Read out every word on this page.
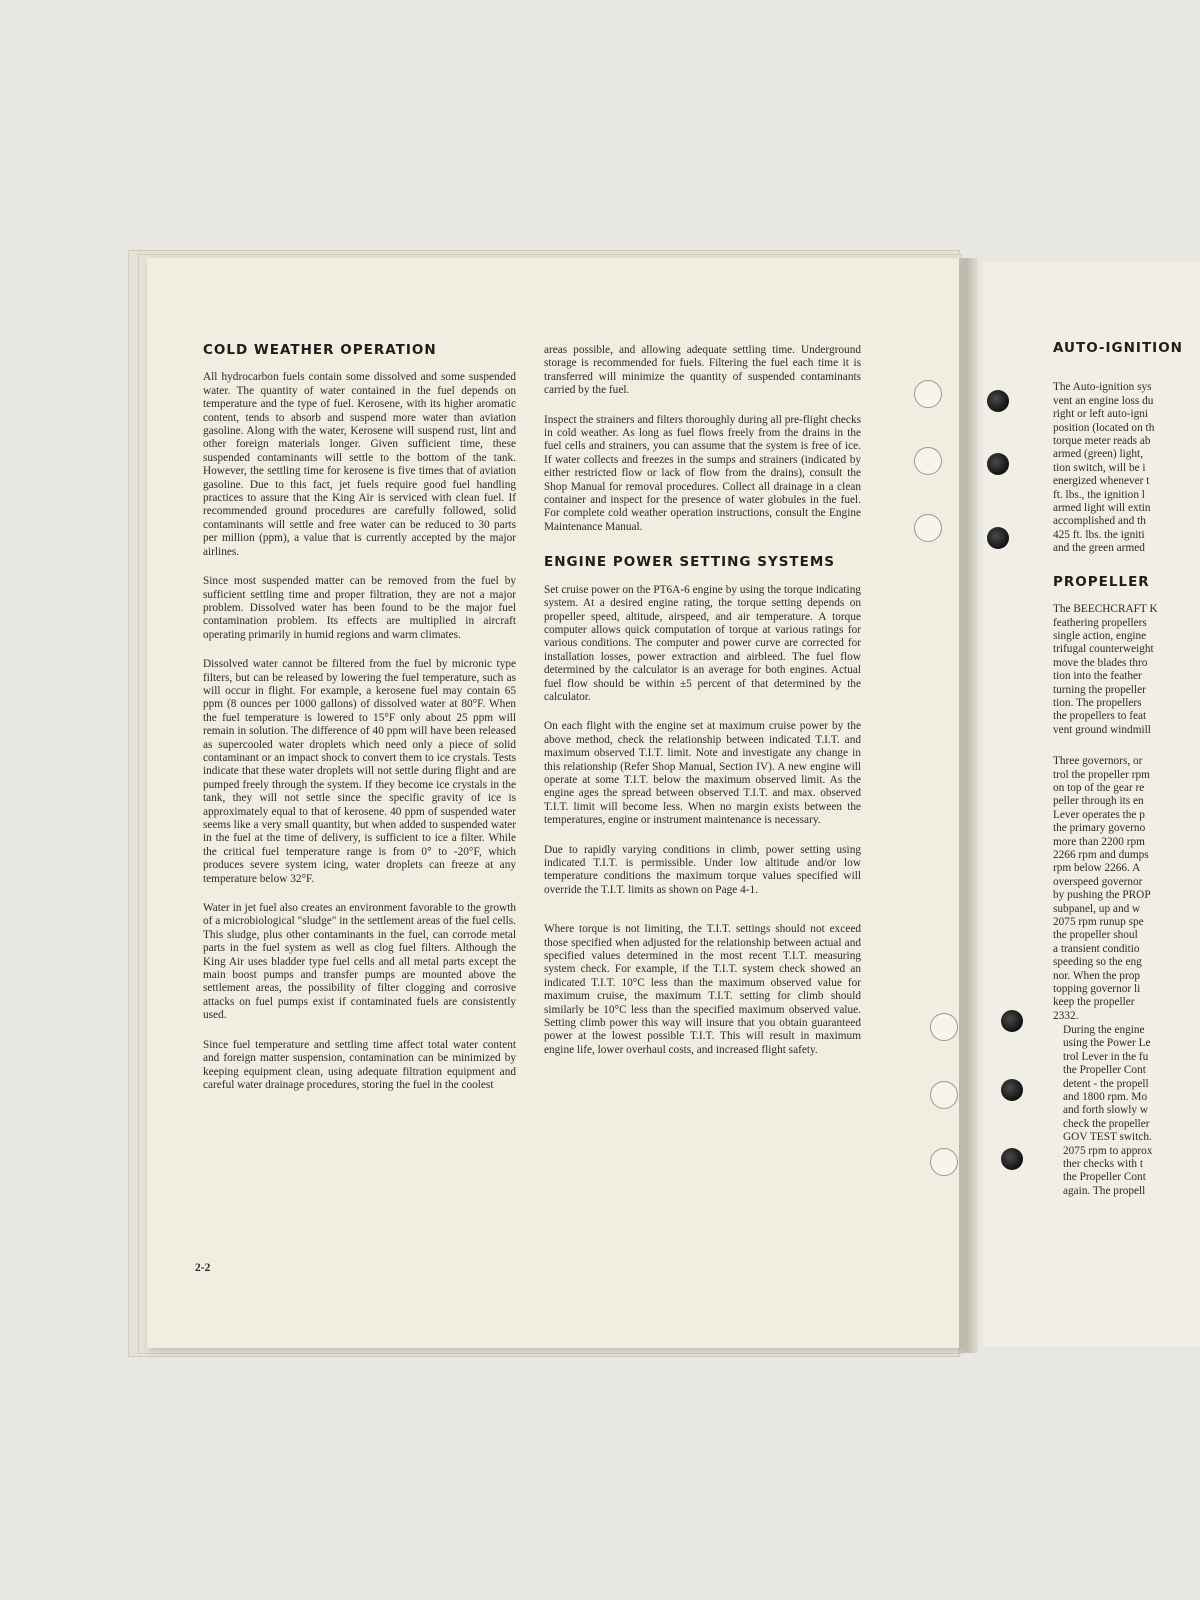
COLD WEATHER OPERATION

All hydrocarbon fuels contain some dissolved and some suspended water. The quantity of water contained in the fuel depends on temperature and the type of fuel. Kerosene, with its higher aromatic content, tends to absorb and suspend more water than aviation gasoline. Along with the water, Kerosene will suspend rust, lint and other foreign materials longer. Given sufficient time, these suspended contaminants will settle to the bottom of the tank. However, the settling time for kerosene is five times that of aviation gasoline. Due to this fact, jet fuels require good fuel handling practices to assure that the King Air is serviced with clean fuel. If recommended ground procedures are carefully followed, solid contaminants will settle and free water can be reduced to 30 parts per million (ppm), a value that is currently accepted by the major airlines.

Since most suspended matter can be removed from the fuel by sufficient settling time and proper filtration, they are not a major problem. Dissolved water has been found to be the major fuel contamination problem. Its effects are multiplied in aircraft operating primarily in humid regions and warm climates.

Dissolved water cannot be filtered from the fuel by micronic type filters, but can be released by lowering the fuel temperature, such as will occur in flight. For example, a kerosene fuel may contain 65 ppm (8 ounces per 1000 gallons) of dissolved water at 80°F. When the fuel temperature is lowered to 15°F only about 25 ppm will remain in solution. The difference of 40 ppm will have been released as supercooled water droplets which need only a piece of solid contaminant or an impact shock to convert them to ice crystals. Tests indicate that these water droplets will not settle during flight and are pumped freely through the system. If they become ice crystals in the tank, they will not settle since the specific gravity of ice is approximately equal to that of kerosene. 40 ppm of suspended water seems like a very small quantity, but when added to suspended water in the fuel at the time of delivery, is sufficient to ice a filter. While the critical fuel temperature range is from 0° to -20°F, which produces severe system icing, water droplets can freeze at any temperature below 32°F.

Water in jet fuel also creates an environment favorable to the growth of a microbiological "sludge" in the settlement areas of the fuel cells. This sludge, plus other contaminants in the fuel, can corrode metal parts in the fuel system as well as clog fuel filters. Although the King Air uses bladder type fuel cells and all metal parts except the main boost pumps and transfer pumps are mounted above the settlement areas, the possibility of filter clogging and corrosive attacks on fuel pumps exist if contaminated fuels are consistently used.

Since fuel temperature and settling time affect total water content and foreign matter suspension, contamination can be minimized by keeping equipment clean, using adequate filtration equipment and careful water drainage procedures, storing the fuel in the coolest

areas possible, and allowing adequate settling time. Underground storage is recommended for fuels. Filtering the fuel each time it is transferred will minimize the quantity of suspended contaminants carried by the fuel.

Inspect the strainers and filters thoroughly during all pre-flight checks in cold weather. As long as fuel flows freely from the drains in the fuel cells and strainers, you can assume that the system is free of ice. If water collects and freezes in the sumps and strainers (indicated by either restricted flow or lack of flow from the drains), consult the Shop Manual for removal procedures. Collect all drainage in a clean container and inspect for the presence of water globules in the fuel. For complete cold weather operation instructions, consult the Engine Maintenance Manual.

ENGINE POWER SETTING SYSTEMS

Set cruise power on the PT6A-6 engine by using the torque indicating system. At a desired engine rating, the torque setting depends on propeller speed, altitude, airspeed, and air temperature. A torque computer allows quick computation of torque at various ratings for various conditions. The computer and power curve are corrected for installation losses, power extraction and airbleed. The fuel flow determined by the calculator is an average for both engines. Actual fuel flow should be within ±5 percent of that determined by the calculator.

On each flight with the engine set at maximum cruise power by the above method, check the relationship between indicated T.I.T. and maximum observed T.I.T. limit. Note and investigate any change in this relationship (Refer Shop Manual, Section IV). A new engine will operate at some T.I.T. below the maximum observed limit. As the engine ages the spread between observed T.I.T. and max. observed T.I.T. limit will become less. When no margin exists between the temperatures, engine or instrument maintenance is necessary.

Due to rapidly varying conditions in climb, power setting using indicated T.I.T. is permissible. Under low altitude and/or low temperature conditions the maximum torque values specified will override the T.I.T. limits as shown on Page 4-1.

Where torque is not limiting, the T.I.T. settings should not exceed those specified when adjusted for the relationship between actual and specified values determined in the most recent T.I.T. measuring system check. For example, if the T.I.T. system check showed an indicated T.I.T. 10°C less than the maximum observed value for maximum cruise, the maximum T.I.T. setting for climb should similarly be 10°C less than the specified maximum observed value. Setting climb power this way will insure that you obtain guaranteed power at the lowest possible T.I.T. This will result in maximum engine life, lower overhaul costs, and increased flight safety.

2-2
AUTO-IGNITION
The Auto-ignition sys
vent an engine loss du
right or left auto-igni
position (located on th
torque meter reads ab
armed (green) light,
tion switch, will be i
energized whenever t
ft. lbs., the ignition l
armed light will extin
accomplished and th
425 ft. lbs. the igniti
and the green armed
PROPELLER
The BEECHCRAFT K
feathering propellers
single action, engine
trifugal counterweight
move the blades thro
tion into the feather
turning the propeller
tion. The propellers
the propellers to feat
vent ground windmill
Three governors, or
trol the propeller rpm
on top of the gear re
peller through its en
Lever operates the p
the primary governo
more than 2200 rpm
2266 rpm and dumps
rpm below 2266. A
overspeed governor
by pushing the PROP
subpanel, up and w
2075 rpm runup spe
the propeller shoul
a transient conditio
speeding so the eng
nor. When the prop
topping governor li
keep the propeller
2332.
During the engine
using the Power Le
trol Lever in the fu
the Propeller Cont
detent - the propell
and 1800 rpm. Mo
and forth slowly w
check the propeller
GOV TEST switch.
2075 rpm to approx
ther checks with t
the Propeller Cont
again. The propell
